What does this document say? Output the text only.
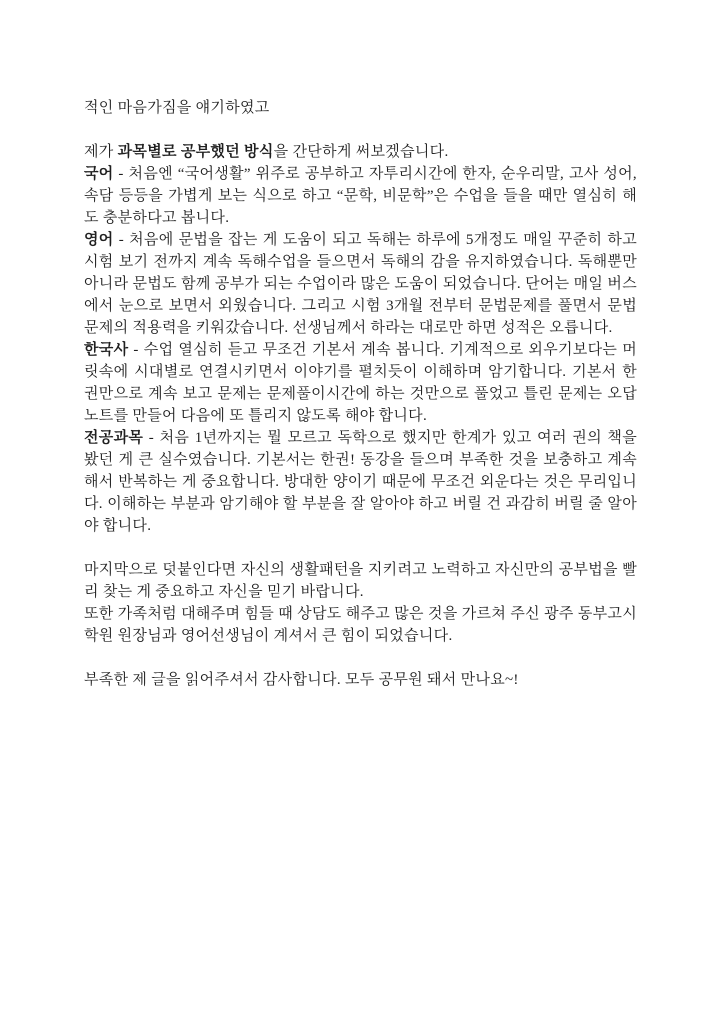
적인 마음가짐을 얘기하였고

제가 과목별로 공부했던 방식을 간단하게 써보겠습니다.

국어 - 처음엔 “국어생활” 위주로 공부하고 자투리시간에 한자, 순우리말, 고사 성어, 속담 등등을 가볍게 보는 식으로 하고 “문학, 비문학”은 수업을 들을 때만 열심히 해도 충분하다고 봅니다.

영어 - 처음에 문법을 잡는 게 도움이 되고 독해는 하루에 5개정도 매일 꾸준히 하고 시험 보기 전까지 계속 독해수업을 들으면서 독해의 감을 유지하였습니다. 독해뿐만 아니라 문법도 함께 공부가 되는 수업이라 많은 도움이 되었습니다. 단어는 매일 버스에서 눈으로 보면서 외웠습니다. 그리고 시험 3개월 전부터 문법문제를 풀면서 문법문제의 적용력을 키워갔습니다. 선생님께서 하라는 대로만 하면 성적은 오릅니다.

한국사 - 수업 열심히 듣고 무조건 기본서 계속 봅니다. 기계적으로 외우기보다는 머릿속에 시대별로 연결시키면서 이야기를 펼치듯이 이해하며 암기합니다. 기본서 한 권만으로 계속 보고 문제는 문제풀이시간에 하는 것만으로 풀었고 틀린 문제는 오답노트를 만들어 다음에 또 틀리지 않도록 해야 합니다.

전공과목 - 처음 1년까지는 뭘 모르고 독학으로 했지만 한계가 있고 여러 권의 책을 봤던 게 큰 실수였습니다. 기본서는 한권! 동강을 들으며 부족한 것을 보충하고 계속해서 반복하는 게 중요합니다. 방대한 양이기 때문에 무조건 외운다는 것은 무리입니다. 이해하는 부분과 암기해야 할 부분을 잘 알아야 하고 버릴 건 과감히 버릴 줄 알아야 합니다.

마지막으로 덧붙인다면 자신의 생활패턴을 지키려고 노력하고 자신만의 공부법을 빨리 찾는 게 중요하고 자신을 믿기 바랍니다.

또한 가족처럼 대해주며 힘들 때 상담도 해주고 많은 것을 가르쳐 주신 광주 동부고시학원 원장님과 영어선생님이 계셔서 큰 힘이 되었습니다.

부족한 제 글을 읽어주셔서 감사합니다. 모두 공무원 돼서 만나요~!
